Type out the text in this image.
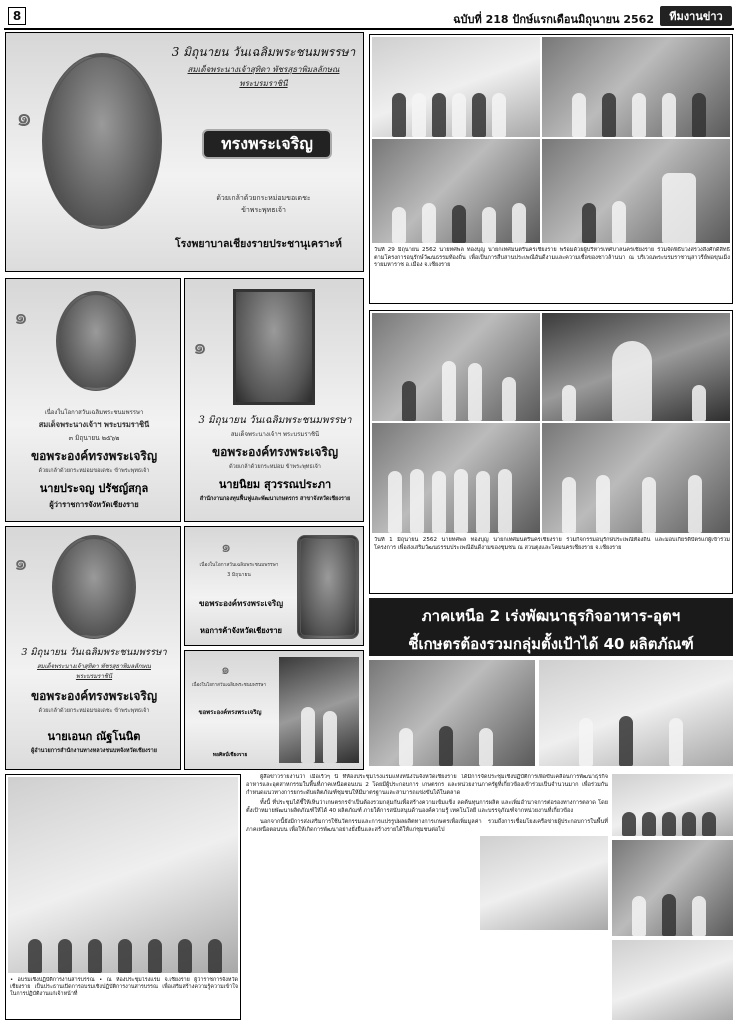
8	ฉบับที่ 218 ปักษ์แรกเดือนมิถุนายน 2562	ทีมงานข่าว
๑
3 มิถุนายน วันเฉลิมพระชนมพรรษา
สมเด็จพระนางเจ้าสุทิดา พัชรสุธาพิมลลักษณ
พระบรมราชินี
ทรงพระเจริญ
ด้วยเกล้าด้วยกระหม่อมขอเดชะ
ข้าพระพุทธเจ้า
โรงพยาบาลเชียงรายประชานุเคราะห์
๑
เนื่องในโอกาสวันเฉลิมพระชนมพรรษา
สมเด็จพระนางเจ้าฯ พระบรมราชินี
๓ มิถุนายน ๒๕๖๒
ขอพระองค์ทรงพระเจริญ
ด้วยเกล้าด้วยกระหม่อมขอเดชะ ข้าพระพุทธเจ้า
นายประจญ ปรัชญ์สกุล
ผู้ว่าราชการจังหวัดเชียงราย
๑
3 มิถุนายน วันเฉลิมพระชนมพรรษา
สมเด็จพระนางเจ้าฯ พระบรมราชินี
ขอพระองค์ทรงพระเจริญ
ด้วยเกล้าด้วยกระหม่อม ข้าพระพุทธเจ้า
นายนิยม สุวรรณประภา
สำนักงานกองทุนฟื้นฟูและพัฒนาเกษตรกร สาขาจังหวัดเชียงราย
๑
3 มิถุนายน วันเฉลิมพระชนมพรรษา
สมเด็จพระนางเจ้าสุทิดา พัชรสุธาพิมลลักษณ
พระบรมราชินี
ขอพระองค์ทรงพระเจริญ
ด้วยเกล้าด้วยกระหม่อมขอเดชะ ข้าพระพุทธเจ้า
นายเอนก ณัฐโนนิต
ผู้อำนวยการสำนักงานทางหลวงชนบทจังหวัดเชียงราย
๑
เนื่องในโอกาสวันเฉลิมพระชนมพรรษา
3 มิถุนายน
ขอพระองค์ทรงพระเจริญ
หอการค้าจังหวัดเชียงราย
๑
เนื่องในโอกาสวันเฉลิมพระชนมพรรษา
ขอพระองค์ทรงพระเจริญ
หอศิลป์เชียงราย
วันที่ 29 มิถุนายน 2562 นายทศพล ทองบุญ นายกเทศมนตรีนครเชียงราย พร้อมด้วยผู้บริหารเทศบาลนครเชียงราย ร่วมจัดพิธีบวงสรวงสิ่งศักดิ์สิทธิ์ตามโครงการอนุรักษ์วัฒนธรรมท้องถิ่น เพื่อเป็นการสืบสานประเพณีอันดีงามและความเชื่อของชาวล้านนา ณ บริเวณพระบรมราชานุสาวรีย์พ่อขุนเม็งรายมหาราช อ.เมือง จ.เชียงราย
วันที่ 1 มิถุนายน 2562 นายทศพล ทองบุญ นายกเทศมนตรีนครเชียงราย ร่วมกิจกรรมอนุรักษ์ประเพณีท้องถิ่น และมอบเกียรติบัตรแก่ผู้เข้าร่วมโครงการ เพื่อส่งเสริมวัฒนธรรมประเพณีอันดีงามของชุมชน ณ สวนตุงและโคมนครเชียงราย จ.เชียงราย
ภาคเหนือ 2 เร่งพัฒนาธุรกิจอาหาร-อุตฯ
ชี้เกษตรต้องรวมกลุ่มตั้งเป้าได้ 40 ผลิตภัณฑ์
• อบรมเชิงปฏิบัติการงานสารบรรณ • ณ ห้องประชุมโรงแรม จ.เชียงราย ผู้ว่าราชการจังหวัดเชียงราย เป็นประธานเปิดการอบรมเชิงปฏิบัติการงานสารบรรณ เพื่อเสริมสร้างความรู้ความเข้าใจในการปฏิบัติงานแก่เจ้าหน้าที่

ผู้สื่อข่าวรายงานว่า เมื่อเร็วๆ นี้ ที่ห้องประชุมโรงแรมแห่งหนึ่งในจังหวัดเชียงราย ได้มีการจัดประชุมเชิงปฏิบัติการเพื่อขับเคลื่อนการพัฒนาธุรกิจอาหารและอุตสาหกรรมในพื้นที่ภาคเหนือตอนบน 2 โดยมีผู้ประกอบการ เกษตรกร และหน่วยงานภาครัฐที่เกี่ยวข้องเข้าร่วมเป็นจำนวนมาก เพื่อร่วมกันกำหนดแนวทางการยกระดับผลิตภัณฑ์ชุมชนให้มีมาตรฐานและสามารถแข่งขันได้ในตลาด

ทั้งนี้ ที่ประชุมได้ชี้ให้เห็นว่าเกษตรกรจำเป็นต้องรวมกลุ่มกันเพื่อสร้างความเข้มแข็ง ลดต้นทุนการผลิต และเพิ่มอำนาจการต่อรองทางการตลาด โดยตั้งเป้าหมายพัฒนาผลิตภัณฑ์ให้ได้ 40 ผลิตภัณฑ์ ภายใต้การสนับสนุนด้านองค์ความรู้ เทคโนโลยี และบรรจุภัณฑ์จากหน่วยงานที่เกี่ยวข้อง

นอกจากนี้ยังมีการส่งเสริมการใช้นวัตกรรมและการแปรรูปผลผลิตทางการเกษตรเพื่อเพิ่มมูลค่า รวมถึงการเชื่อมโยงเครือข่ายผู้ประกอบการในพื้นที่ภาคเหนือตอนบน เพื่อให้เกิดการพัฒนาอย่างยั่งยืนและสร้างรายได้ให้แก่ชุมชนต่อไป
